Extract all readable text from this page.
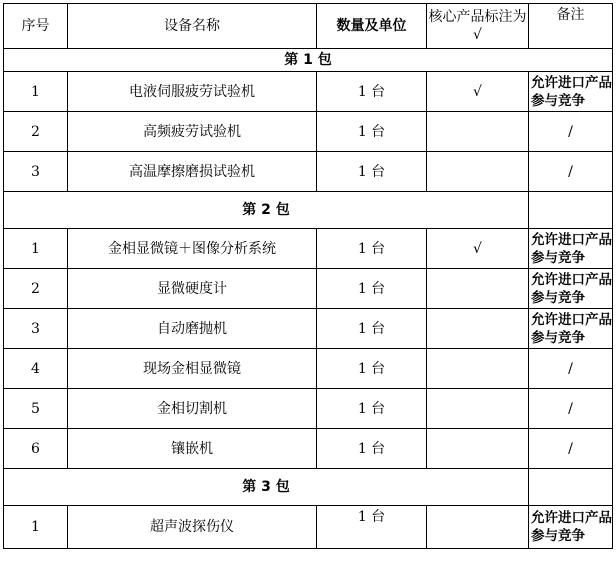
序号	设备名称	数量及单位	核心产品标注为√	备注
第 1 包				
1	电液伺服疲劳试验机	1 台	√	允许进口产品参与竞争
2	高频疲劳试验机	1 台		/
3	高温摩擦磨损试验机	1 台		/
第 2 包				
1	金相显微镜＋图像分析系统	1 台	√	允许进口产品参与竞争
2	显微硬度计	1 台		允许进口产品参与竞争
3	自动磨抛机	1 台		允许进口产品参与竞争
4	现场金相显微镜	1 台		/
5	金相切割机	1 台		/
6	镶嵌机	1 台		/
第 3 包				
1	超声波探伤仪	1 台		允许进口产品参与竞争
